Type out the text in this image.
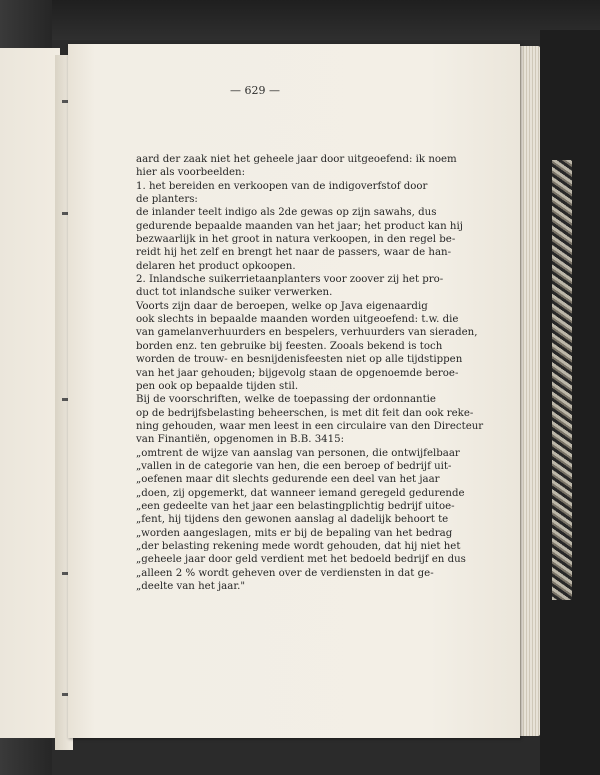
— 629 —
aard der zaak niet het geheele jaar door uitgeoefend: ik noem
hier als voorbeelden:
1. het bereiden en verkoopen van de indigoverfstof door
de planters:
de inlander teelt indigo als 2de gewas op zijn sawahs, dus
gedurende bepaalde maanden van het jaar; het product kan hij
bezwaarlijk in het groot in natura verkoopen, in den regel be-
reidt hij het zelf en brengt het naar de passers, waar de han-
delaren het product opkoopen.
2. Inlandsche suikerrietaanplanters voor zoover zij het pro-
duct tot inlandsche suiker verwerken.
Voorts zijn daar de beroepen, welke op Java eigenaardig
ook slechts in bepaalde maanden worden uitgeoefend: t.w. die
van gamelanverhuurders en bespelers, verhuurders van sieraden,
borden enz. ten gebruike bij feesten. Zooals bekend is toch
worden de trouw- en besnijdenisfeesten niet op alle tijdstippen
van het jaar gehouden; bijgevolg staan de opgenoemde beroe-
pen ook op bepaalde tijden stil.
Bij de voorschriften, welke de toepassing der ordonnantie
op de bedrijfsbelasting beheerschen, is met dit feit dan ook reke-
ning gehouden, waar men leest in een circulaire van den Directeur
van Finantiën, opgenomen in B.B. 3415:
„omtrent de wijze van aanslag van personen, die ontwijfelbaar
„vallen in de categorie van hen, die een beroep of bedrijf uit-
„oefenen maar dit slechts gedurende een deel van het jaar
„doen, zij opgemerkt, dat wanneer iemand geregeld gedurende
„een gedeelte van het jaar een belastingplichtig bedrijf uitoe-
„fent, hij tijdens den gewonen aanslag al dadelijk behoort te
„worden aangeslagen, mits er bij de bepaling van het bedrag
„der belasting rekening mede wordt gehouden, dat hij niet het
„geheele jaar door geld verdient met het bedoeld bedrijf en dus
„alleen 2 % wordt geheven over de verdiensten in dat ge-
„deelte van het jaar."
